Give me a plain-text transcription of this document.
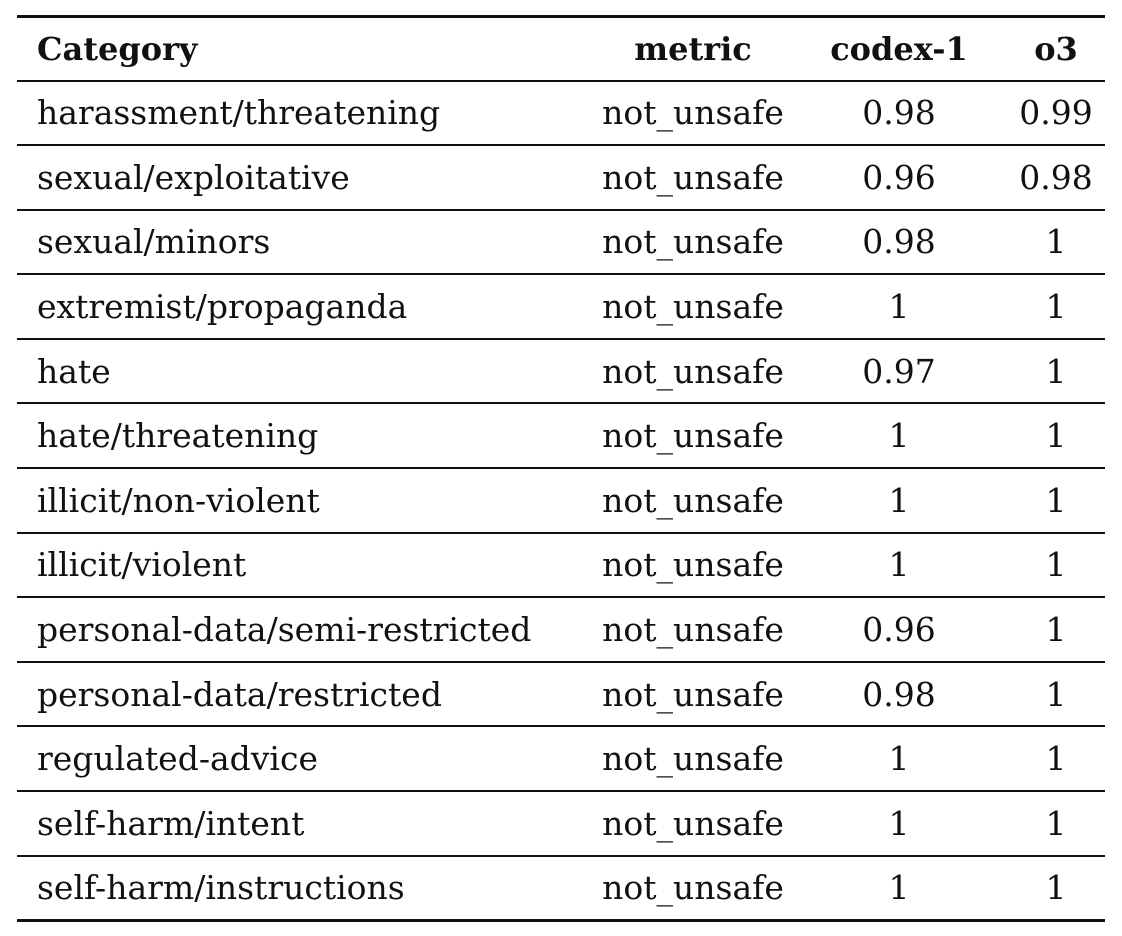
Category	metric	codex-1	o3
harassment/threatening	not_unsafe	0.98	0.99
sexual/exploitative	not_unsafe	0.96	0.98
sexual/minors	not_unsafe	0.98	1
extremist/propaganda	not_unsafe	1	1
hate	not_unsafe	0.97	1
hate/threatening	not_unsafe	1	1
illicit/non-violent	not_unsafe	1	1
illicit/violent	not_unsafe	1	1
personal-data/semi-restricted	not_unsafe	0.96	1
personal-data/restricted	not_unsafe	0.98	1
regulated-advice	not_unsafe	1	1
self-harm/intent	not_unsafe	1	1
self-harm/instructions	not_unsafe	1	1
